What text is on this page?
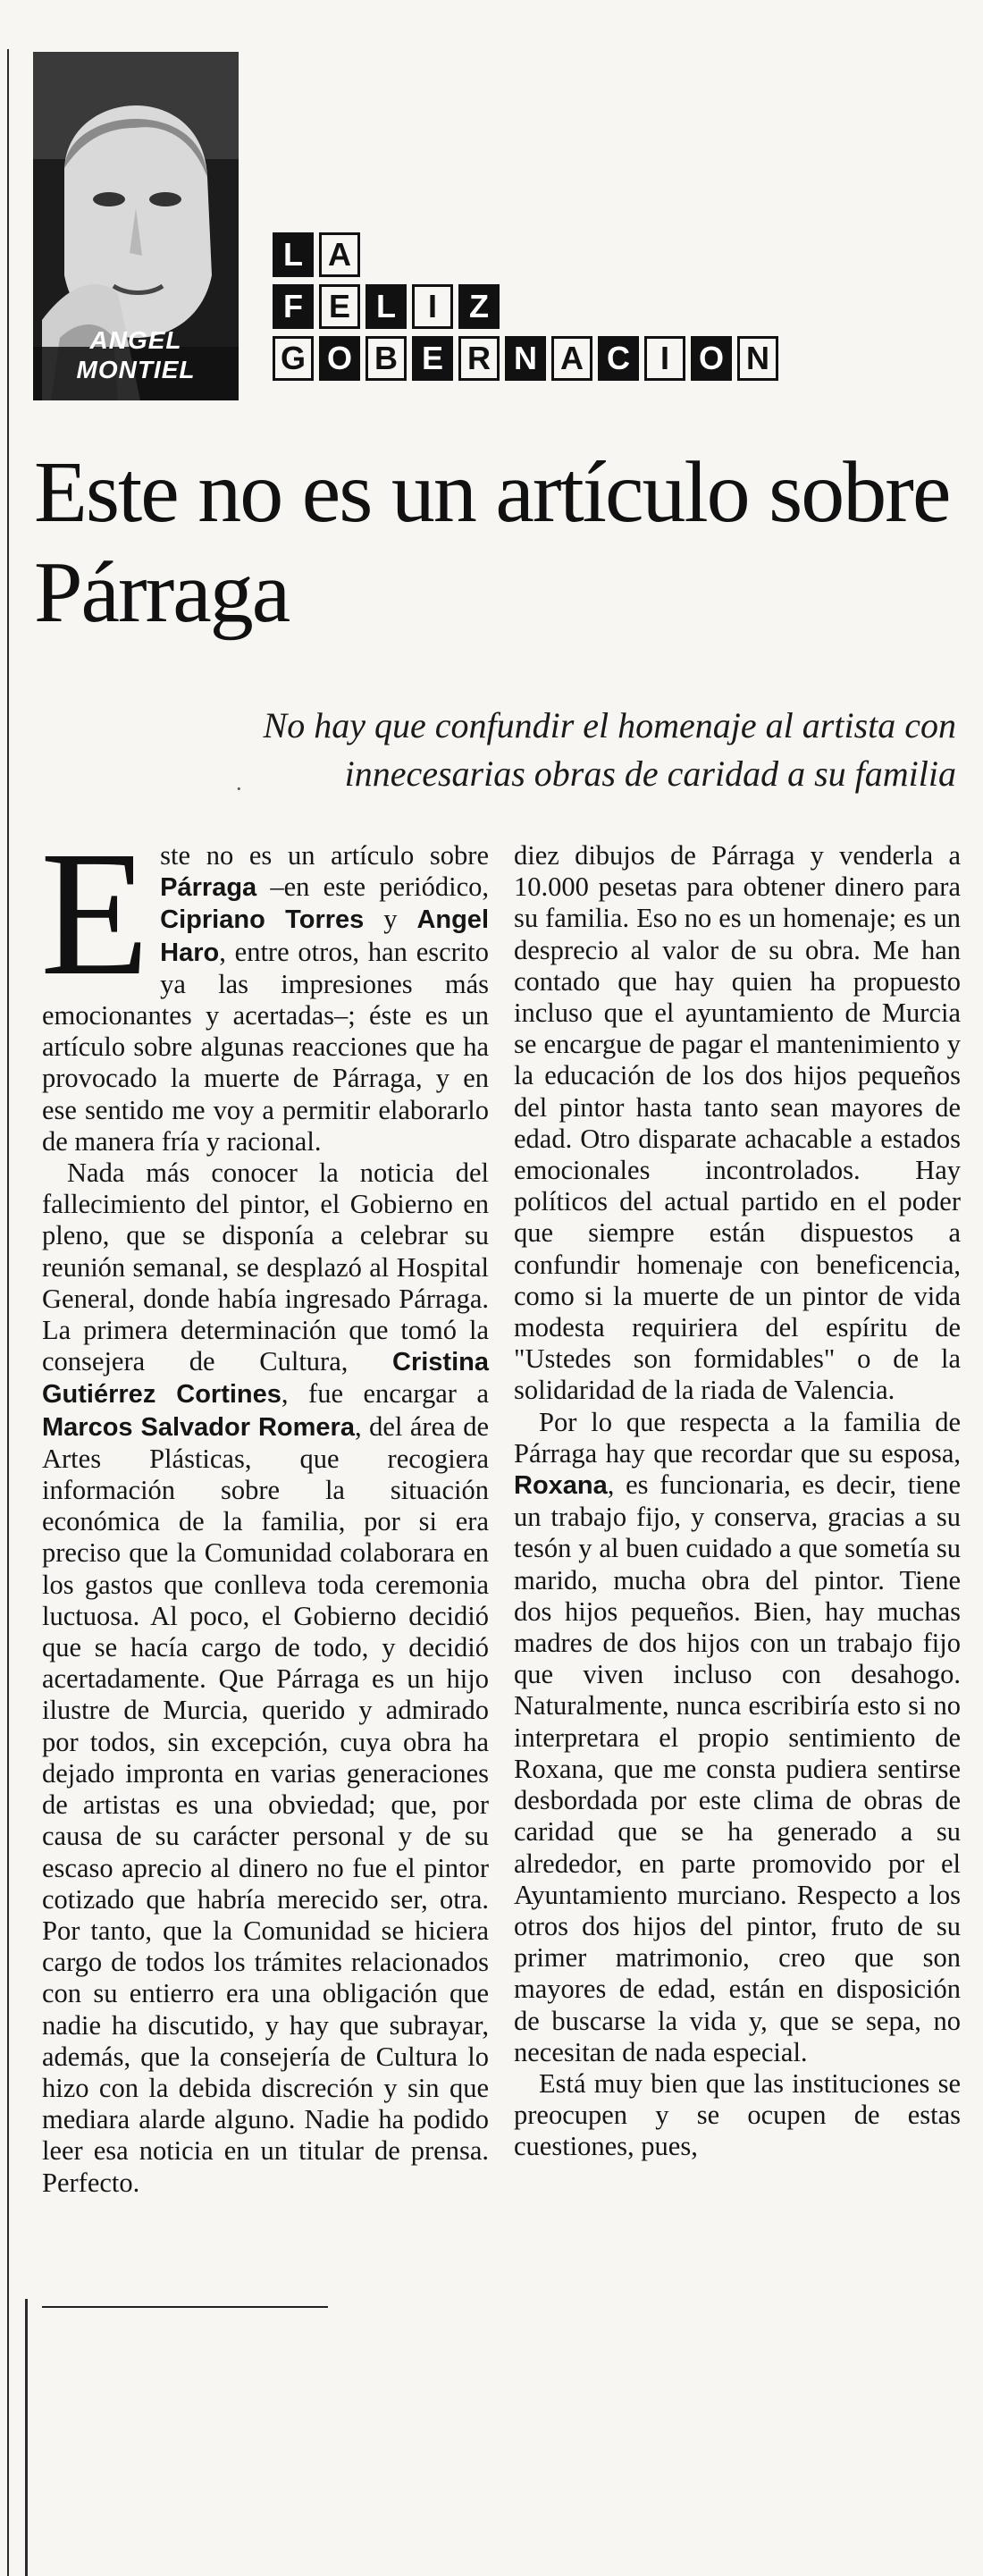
ANGEL
MONTIEL
L A
F E L I	Z
G O B E R N A C I O N
Este no es un artículo sobre Párraga
No hay que confundir el homenaje al artista con innecesarias obras de caridad a su familia
·

Este no es un artículo sobre Párraga –en este periódico, Cipriano Torres y Angel Haro, entre otros, han escrito ya las impresiones más emocionantes y acertadas–; éste es un artículo sobre algunas reacciones que ha provocado la muerte de Párraga, y en ese sentido me voy a permitir elaborarlo de manera fría y racional.

Nada más conocer la noticia del fallecimiento del pintor, el Gobierno en pleno, que se disponía a celebrar su reunión semanal, se desplazó al Hospital General, donde había ingresado Párraga. La primera determinación que tomó la consejera de Cultura, Cristina Gutiérrez Cortines, fue encargar a Marcos Salvador Romera, del área de Artes Plásticas, que recogiera información sobre la situación económica de la familia, por si era preciso que la Comunidad colaborara en los gastos que conlleva toda ceremonia luctuosa. Al poco, el Gobierno decidió que se hacía cargo de todo, y decidió acertadamente. Que Párraga es un hijo ilustre de Murcia, querido y admirado por todos, sin excepción, cuya obra ha dejado impronta en varias generaciones de artistas es una obviedad; que, por causa de su carácter personal y de su escaso aprecio al dinero no fue el pintor cotizado que habría merecido ser, otra. Por tanto, que la Comunidad se hiciera cargo de todos los trámites relacionados con su entierro era una obligación que nadie ha discutido, y hay que subrayar, además, que la consejería de Cultura lo hizo con la debida discreción y sin que mediara alarde alguno. Nadie ha podido leer esa noticia en un titular de prensa. Perfecto.

diez dibujos de Párraga y venderla a 10.000 pesetas para obtener dinero para su familia. Eso no es un homenaje; es un desprecio al valor de su obra. Me han contado que hay quien ha propuesto incluso que el ayuntamiento de Murcia se encargue de pagar el mantenimiento y la educación de los dos hijos pequeños del pintor hasta tanto sean mayores de edad. Otro disparate achacable a estados emocionales incontrolados. Hay políticos del actual partido en el poder que siempre están dispuestos a confundir homenaje con beneficencia, como si la muerte de un pintor de vida modesta requiriera del espíritu de "Ustedes son formidables" o de la solidaridad de la riada de Valencia.

Por lo que respecta a la familia de Párraga hay que recordar que su esposa, Roxana, es funcionaria, es decir, tiene un trabajo fijo, y conserva, gracias a su tesón y al buen cuidado a que sometía su marido, mucha obra del pintor. Tiene dos hijos pequeños. Bien, hay muchas madres de dos hijos con un trabajo fijo que viven incluso con desahogo. Naturalmente, nunca escribiría esto si no interpretara el propio sentimiento de Roxana, que me consta pudiera sentirse desbordada por este clima de obras de caridad que se ha generado a su alrededor, en parte promovido por el Ayuntamiento murciano. Respecto a los otros dos hijos del pintor, fruto de su primer matrimonio, creo que son mayores de edad, están en disposición de buscarse la vida y, que se sepa, no necesitan de nada especial.

Está muy bien que las instituciones se preocupen y se ocupen de estas cuestiones, pues,
